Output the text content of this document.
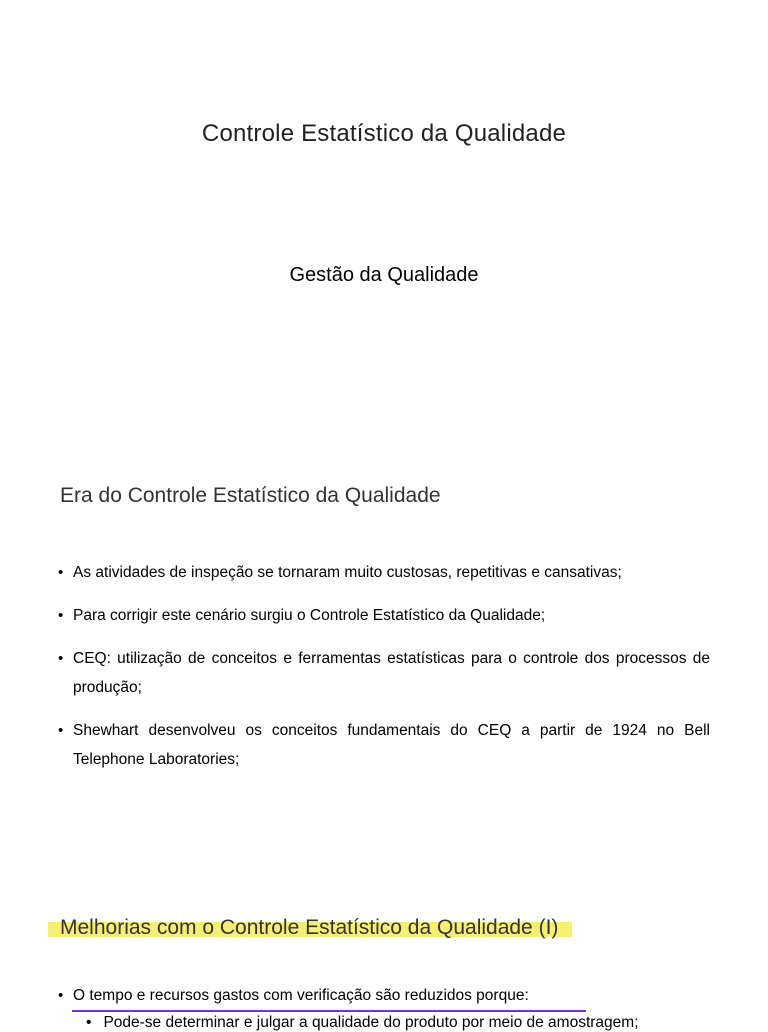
Controle Estatístico da Qualidade
Gestão da Qualidade
Era do Controle Estatístico da Qualidade
• As atividades de inspeção se tornaram muito custosas, repetitivas e cansativas;
• Para corrigir este cenário surgiu o Controle Estatístico da Qualidade;
• CEQ: utilização de conceitos e ferramentas estatísticas para o controle dos processos de produção;
• Shewhart desenvolveu os conceitos fundamentais do CEQ a partir de 1924 no Bell Telephone Laboratories;
Melhorias com o Controle Estatístico da Qualidade (I)
• O tempo e recursos gastos com verificação são reduzidos porque:
• Pode-se determinar e julgar a qualidade do produto por meio de amostragem;
